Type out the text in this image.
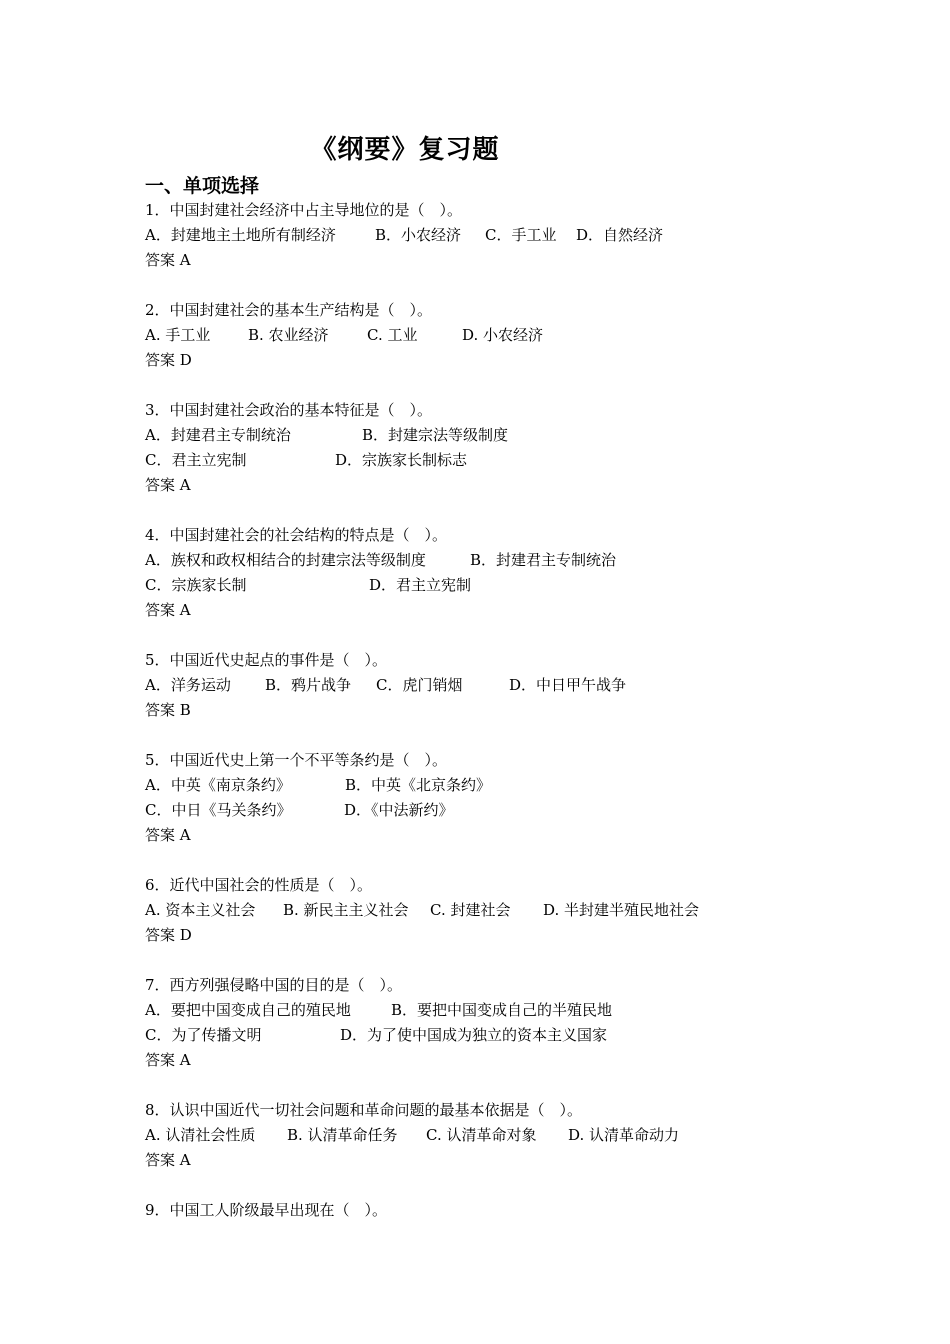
《纲要》复习题
一、单项选择
1．中国封建社会经济中占主导地位的是（　）。
A．封建地主土地所有制经济	B．小农经济 C．手工业 D．自然经济
答案 A
2．中国封建社会的基本生产结构是（　）。
A. 手工业	B. 农业经济	C. 工业	D. 小农经济
答案 D
3．中国封建社会政治的基本特征是（　）。
A．封建君主专制统治	B．封建宗法等级制度
C．君主立宪制	D．宗族家长制标志
答案 A
4．中国封建社会的社会结构的特点是（　）。
A．族权和政权相结合的封建宗法等级制度	B．封建君主专制统治
C．宗族家长制	D．君主立宪制
答案 A
5．中国近代史起点的事件是（　）。
A．洋务运动 B．鸦片战争 C．虎门销烟	D．中日甲午战争
答案 B
5．中国近代史上第一个不平等条约是（　）。
A．中英《南京条约》	B．中英《北京条约》
C．中日《马关条约》	D．《中法新约》
答案 A
6．近代中国社会的性质是（　）。
A. 资本主义社会 B. 新民主主义社会 C. 封建社会 D. 半封建半殖民地社会
答案 D
7．西方列强侵略中国的目的是（　）。
A．要把中国变成自己的殖民地	B．要把中国变成自己的半殖民地
C．为了传播文明	D．为了使中国成为独立的资本主义国家
答案 A
8．认识中国近代一切社会问题和革命问题的最基本依据是（　）。
A. 认清社会性质 B. 认清革命任务 C. 认清革命对象 D. 认清革命动力
答案 A
9．中国工人阶级最早出现在（　）。
